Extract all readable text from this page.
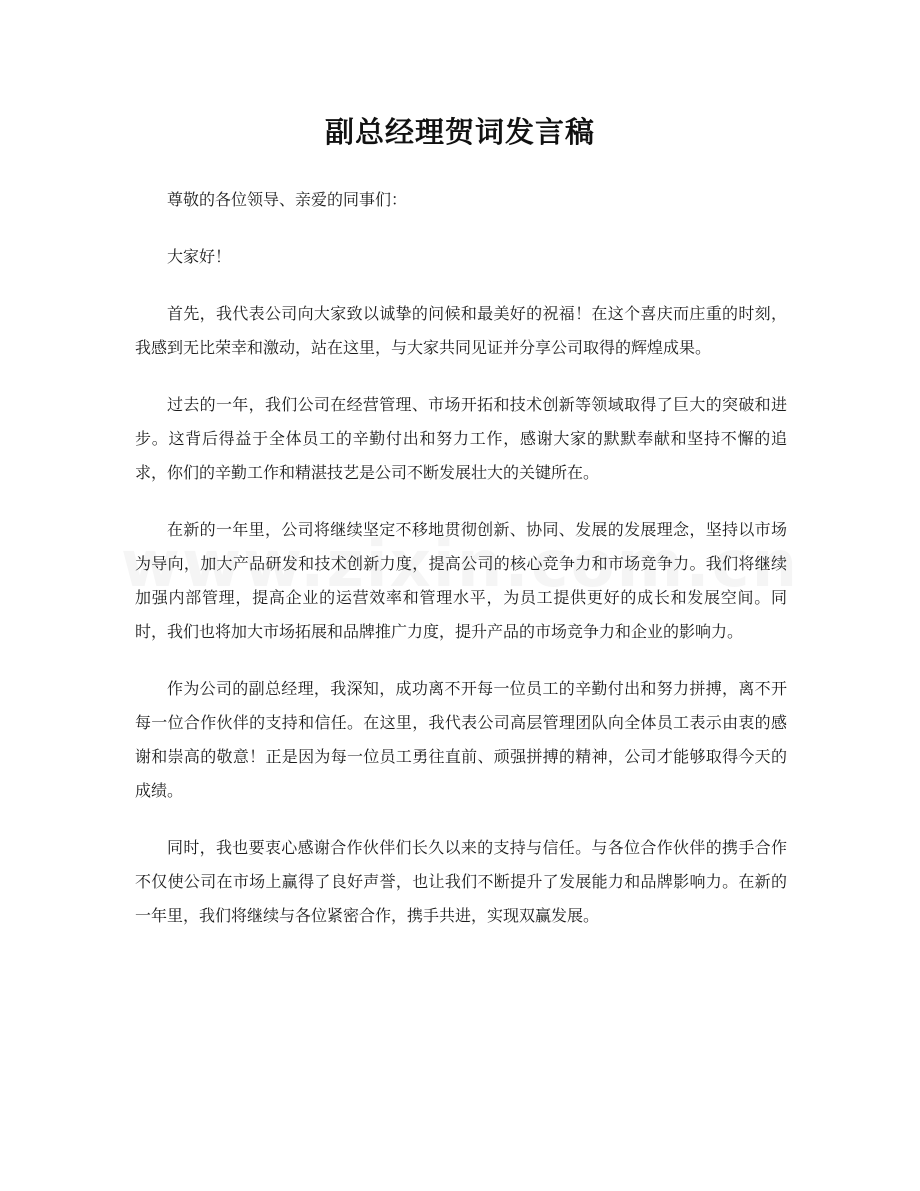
副总经理贺词发言稿

尊敬的各位领导、亲爱的同事们：

大家好！

首先，我代表公司向大家致以诚挚的问候和最美好的祝福！在这个喜庆而庄重的时刻，我感到无比荣幸和激动，站在这里，与大家共同见证并分享公司取得的辉煌成果。

过去的一年，我们公司在经营管理、市场开拓和技术创新等领域取得了巨大的突破和进步。这背后得益于全体员工的辛勤付出和努力工作，感谢大家的默默奉献和坚持不懈的追求，你们的辛勤工作和精湛技艺是公司不断发展壮大的关键所在。

在新的一年里，公司将继续坚定不移地贯彻创新、协同、发展的发展理念，坚持以市场为导向，加大产品研发和技术创新力度，提高公司的核心竞争力和市场竞争力。我们将继续加强内部管理，提高企业的运营效率和管理水平，为员工提供更好的成长和发展空间。同时，我们也将加大市场拓展和品牌推广力度，提升产品的市场竞争力和企业的影响力。

作为公司的副总经理，我深知，成功离不开每一位员工的辛勤付出和努力拼搏，离不开每一位合作伙伴的支持和信任。在这里，我代表公司高层管理团队向全体员工表示由衷的感谢和崇高的敬意！正是因为每一位员工勇往直前、顽强拼搏的精神，公司才能够取得今天的成绩。

同时，我也要衷心感谢合作伙伴们长久以来的支持与信任。与各位合作伙伴的携手合作不仅使公司在市场上赢得了良好声誉，也让我们不断提升了发展能力和品牌影响力。在新的一年里，我们将继续与各位紧密合作，携手共进，实现双赢发展。
